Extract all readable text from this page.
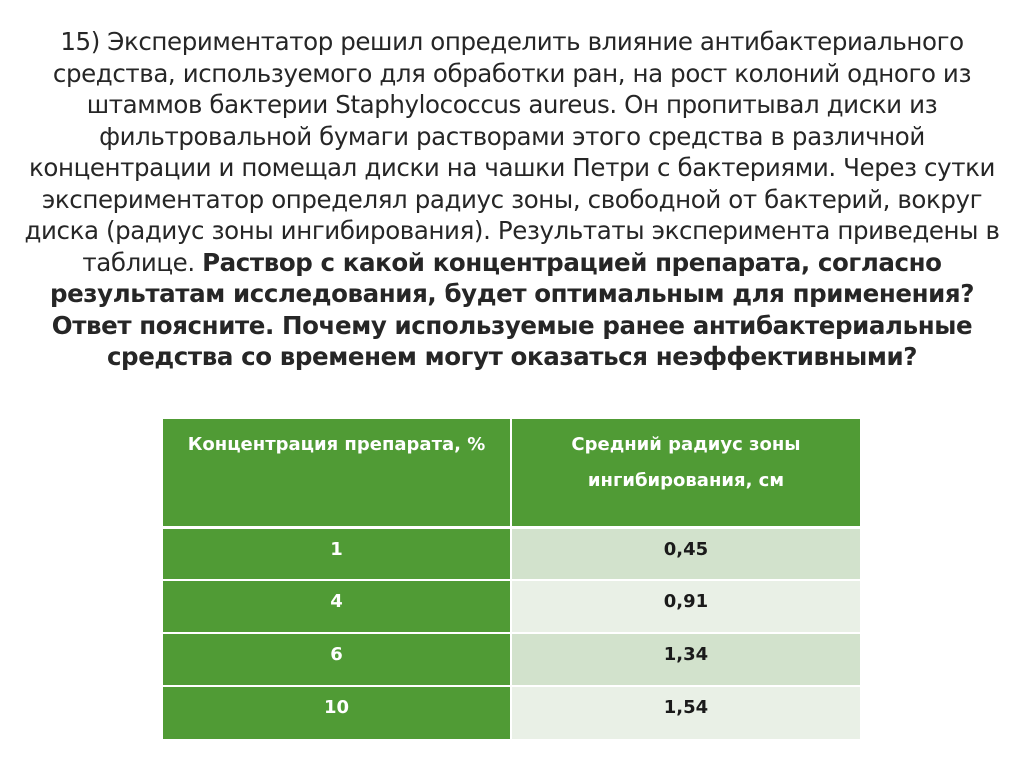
15) Экспериментатор решил определить влияние антибактериального средства, используемого для обработки ран, на рост колоний одного из штаммов бактерии Staphylococcus aureus. Он пропитывал диски из фильтровальной бумаги растворами этого средства в различной концентрации и помещал диски на чашки Петри с бактериями. Через сутки экспериментатор определял радиус зоны, свободной от бактерий, вокруг диска (радиус зоны ингибирования). Результаты эксперимента приведены в таблице. Раствор с какой концентрацией препарата, согласно результатам исследования, будет оптимальным для применения? Ответ поясните. Почему используемые ранее антибактериальные средства со временем могут оказаться неэффективными?
Концентрация препарата, %	Средний радиус зоны ингибирования, см
1	0,45
4	0,91
6	1,34
10	1,54
